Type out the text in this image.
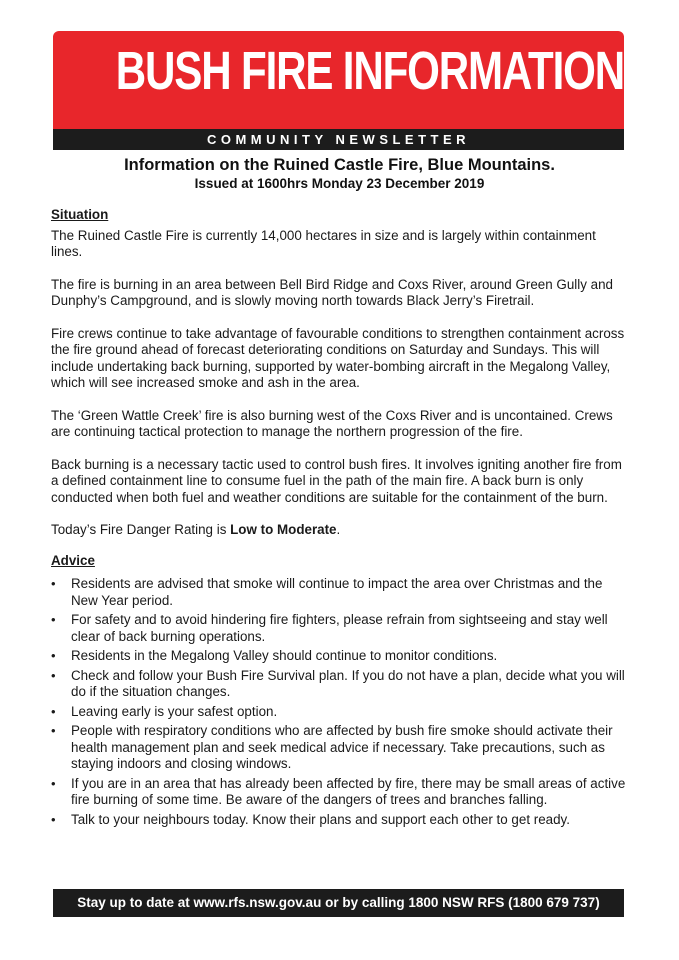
BUSH FIRE INFORMATION
COMMUNITY NEWSLETTER
Information on the Ruined Castle Fire, Blue Mountains.
Issued at 1600hrs Monday 23 December 2019
Situation

The Ruined Castle Fire is currently 14,000 hectares in size and is largely within containment lines.

The fire is burning in an area between Bell Bird Ridge and Coxs River, around Green Gully and Dunphy’s Campground, and is slowly moving north towards Black Jerry’s Firetrail.

Fire crews continue to take advantage of favourable conditions to strengthen containment across the fire ground ahead of forecast deteriorating conditions on Saturday and Sundays. This will include undertaking back burning, supported by water-bombing aircraft in the Megalong Valley, which will see increased smoke and ash in the area.

The ‘Green Wattle Creek’ fire is also burning west of the Coxs River and is uncontained. Crews are continuing tactical protection to manage the northern progression of the fire.

Back burning is a necessary tactic used to control bush fires. It involves igniting another fire from a defined containment line to consume fuel in the path of the main fire. A back burn is only conducted when both fuel and weather conditions are suitable for the containment of the burn.

Today’s Fire Danger Rating is Low to Moderate.

Advice
• Residents are advised that smoke will continue to impact the area over Christmas and the New Year period.
• For safety and to avoid hindering fire fighters, please refrain from sightseeing and stay well clear of back burning operations.
• Residents in the Megalong Valley should continue to monitor conditions.
• Check and follow your Bush Fire Survival plan. If you do not have a plan, decide what you will do if the situation changes.
• Leaving early is your safest option.
• People with respiratory conditions who are affected by bush fire smoke should activate their health management plan and seek medical advice if necessary. Take precautions, such as staying indoors and closing windows.
• If you are in an area that has already been affected by fire, there may be small areas of active fire burning of some time. Be aware of the dangers of trees and branches falling.
• Talk to your neighbours today. Know their plans and support each other to get ready.
Stay up to date at www.rfs.nsw.gov.au or by calling 1800 NSW RFS (1800 679 737)
